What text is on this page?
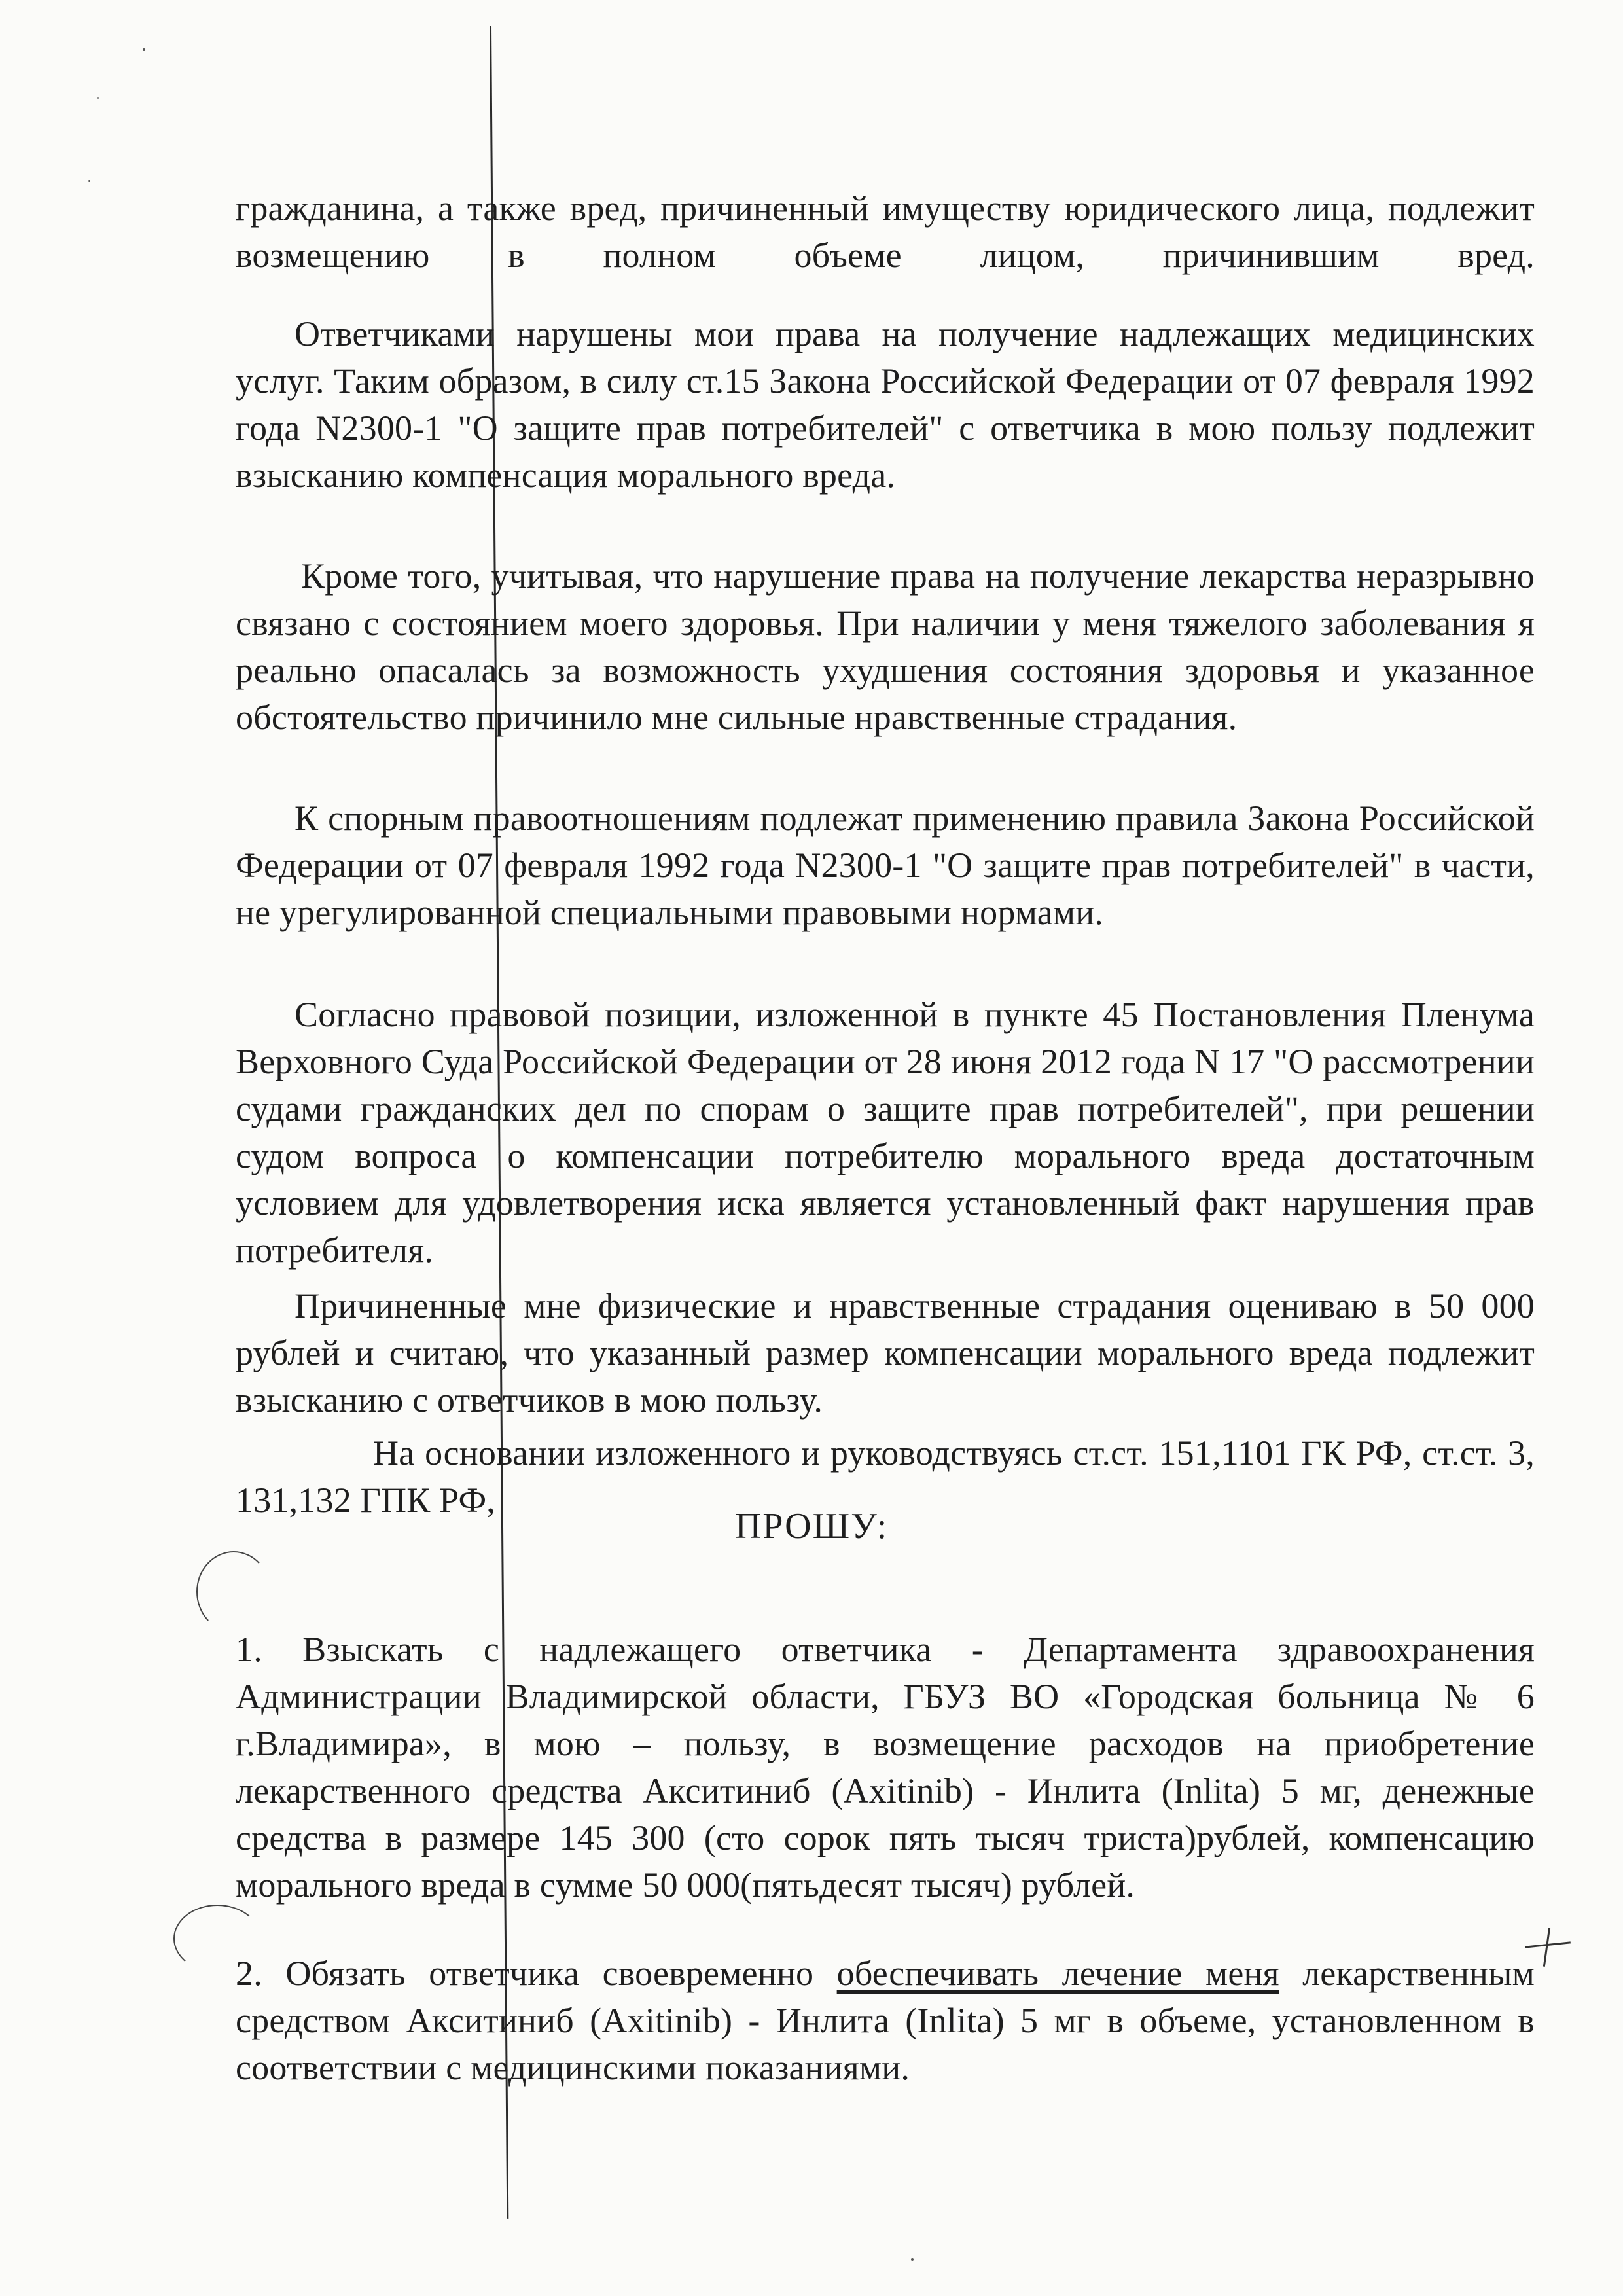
гражданина, а также вред, причиненный имуществу юридического лица, подлежит возмещению в полном объеме лицом, причинившим вред.

Ответчиками нарушены мои права на получение надлежащих медицинских услуг. Таким образом, в силу ст.15 Закона Российской Федерации от 07 февраля 1992 года N2300-1 "О защите прав потребителей" с ответчика в мою пользу подлежит взысканию компенсация морального вреда.

Кроме того, учитывая, что нарушение права на получение лекарства неразрывно связано с состоянием моего здоровья. При наличии у меня тяжелого заболевания я реально опасалась за возможность ухудшения состояния здоровья и указанное обстоятельство причинило мне сильные нравственные страдания.

К спорным правоотношениям подлежат применению правила Закона Российской Федерации от 07 февраля 1992 года N2300-1 "О защите прав потребителей" в части, не урегулированной специальными правовыми нормами.

Согласно правовой позиции, изложенной в пункте 45 Постановления Пленума Верховного Суда Российской Федерации от 28 июня 2012 года N 17 "О рассмотрении судами гражданских дел по спорам о защите прав потребителей", при решении судом вопроса о компенсации потребителю морального вреда достаточным условием для удовлетворения иска является установленный факт нарушения прав потребителя.

Причиненные мне физические и нравственные страдания оцениваю в 50 000 рублей и считаю, что указанный размер компенсации морального вреда подлежит взысканию с ответчиков в мою пользу.

На основании изложенного и руководствуясь ст.ст. 151,1101 ГК РФ, ст.ст. 3, 131,132 ГПК РФ,

ПРОШУ:

1. Взыскать с надлежащего ответчика - Департамента здравоохранения Администрации Владимирской области, ГБУЗ ВО «Городская больница № 6 г.Владимира», в мою – пользу, в возмещение расходов на приобретение лекарственного средства Акситиниб (Axitinib) - Инлита (Inlita) 5 мг, денежные средства в размере 145 300 (сто сорок пять тысяч триста)рублей, компенсацию морального вреда в сумме 50 000(пятьдесят тысяч) рублей.

2. Обязать ответчика своевременно обеспечивать лечение меня лекарственным средством Акситиниб (Axitinib) - Инлита (Inlita) 5 мг в объеме, установленном в соответствии с медицинскими показаниями.
